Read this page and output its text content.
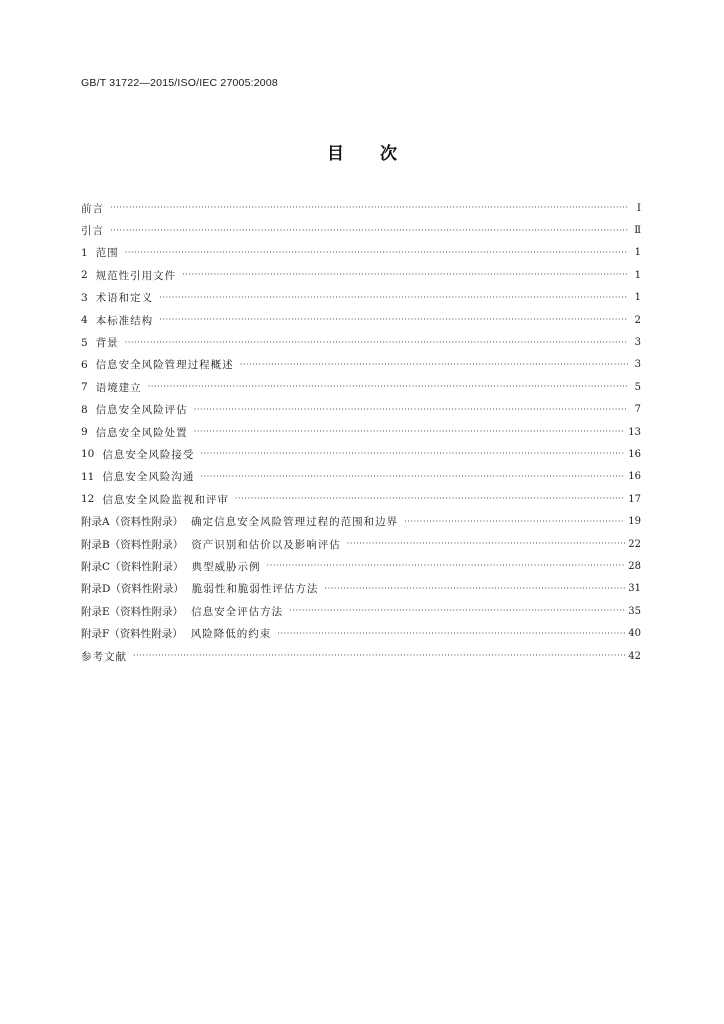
GB/T 31722—2015/ISO/IEC 27005:2008
目 次
前言 ·····	Ⅰ
引言 ·····	Ⅱ
1 范围 ·····	1
2 规范性引用文件 ·····	1
3 术语和定义 ·····	1
4 本标准结构 ·····	2
5 背景 ·····	3
6 信息安全风险管理过程概述 ·····	3
7 语境建立 ·····	5
8 信息安全风险评估 ·····	7
9 信息安全风险处置 ·····	13
10 信息安全风险接受 ·····	16
11 信息安全风险沟通 ·····	16
12 信息安全风险监视和评审 ·····	17
附录A（资料性附录） 确定信息安全风险管理过程的范围和边界 ·····	19
附录B（资料性附录） 资产识别和估价以及影响评估 ·····	22
附录C（资料性附录） 典型威胁示例 ·····	28
附录D（资料性附录） 脆弱性和脆弱性评估方法 ·····	31
附录E（资料性附录） 信息安全评估方法 ·····	35
附录F（资料性附录） 风险降低的约束 ·····	40
参考文献 ·····	42
